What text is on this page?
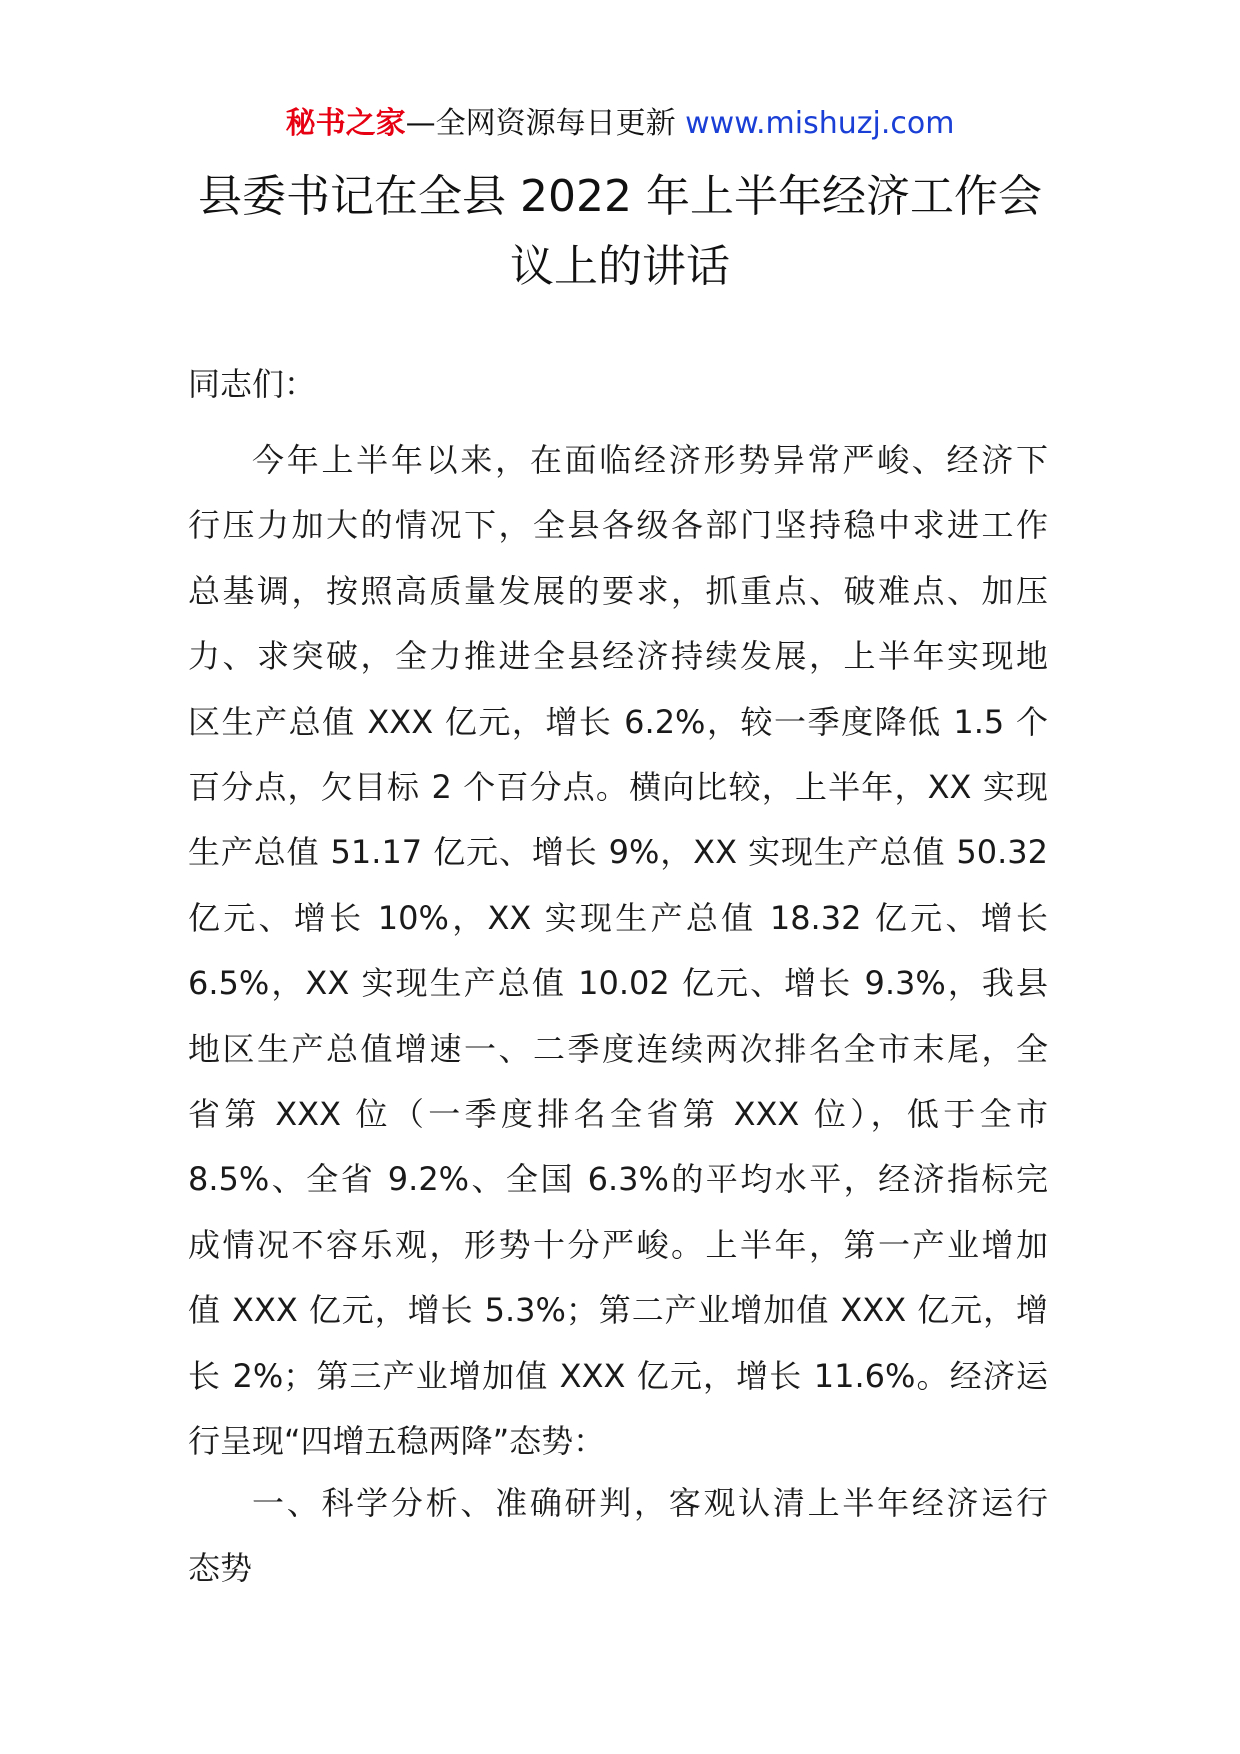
秘书之家—全网资源每日更新 www.mishuzj.com
县委书记在全县 2022 年上半年经济工作会
议上的讲话
同志们：
今年上半年以来，在面临经济形势异常严峻、经济下
行压力加大的情况下，全县各级各部门坚持稳中求进工作
总基调，按照高质量发展的要求，抓重点、破难点、加压
力、求突破，全力推进全县经济持续发展，上半年实现地
区生产总值 XXX 亿元，增长 6.2%，较一季度降低 1.5 个
百分点，欠目标 2 个百分点。横向比较，上半年，XX 实现
生产总值 51.17 亿元、增长 9%，XX 实现生产总值 50.32
亿元、增长 10%，XX 实现生产总值 18.32 亿元、增长
6.5%，XX 实现生产总值 10.02 亿元、增长 9.3%，我县
地区生产总值增速一、二季度连续两次排名全市末尾，全
省第 XXX 位（一季度排名全省第 XXX 位），低于全市
8.5%、全省 9.2%、全国 6.3%的平均水平，经济指标完
成情况不容乐观，形势十分严峻。上半年，第一产业增加
值 XXX 亿元，增长 5.3%；第二产业增加值 XXX 亿元，增
长 2%；第三产业增加值 XXX 亿元，增长 11.6%。经济运
行呈现“四增五稳两降”态势：
一、科学分析、准确研判，客观认清上半年经济运行
态势
